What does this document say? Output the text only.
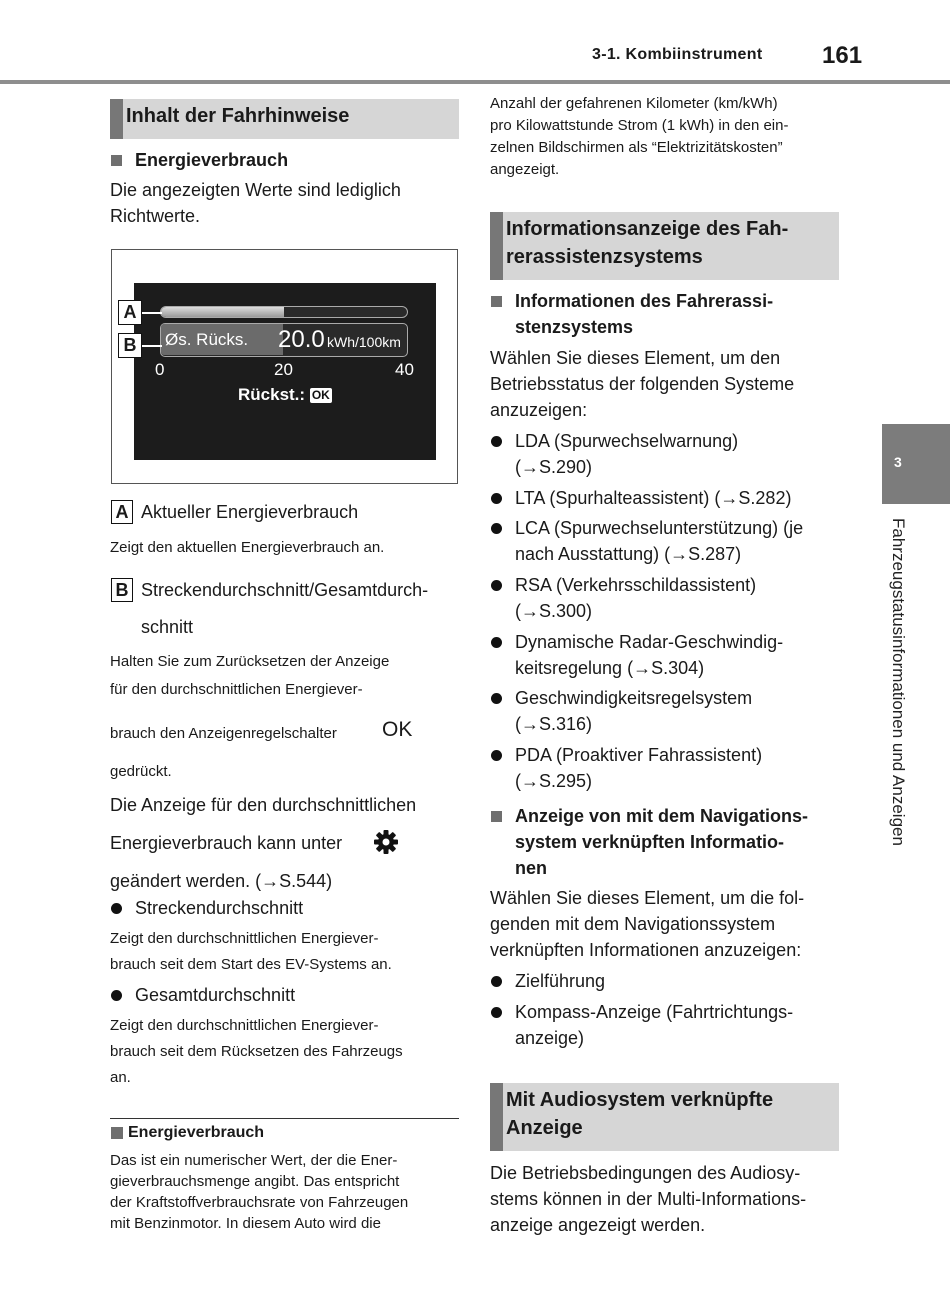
3-1. Kombiinstrument 161
3
Fahrzeugstatusinformationen und Anzeigen
Inhalt der Fahrhinweise
Energieverbrauch
Die angezeigten Werte sind lediglich
Richtwerte.
Øs. Rücks.	20.0 kWh/100km
0	20	40
Rückst.: OK
A
B
A Aktueller Energieverbrauch
Zeigt den aktuellen Energieverbrauch an.
B Streckendurchschnitt/Gesamtdurch-
schnitt
Halten Sie zum Zurücksetzen der Anzeige
für den durchschnittlichen Energiever-
brauch den Anzeigenregelschalter OK
gedrückt.
Die Anzeige für den durchschnittlichen
Energieverbrauch kann unter
geändert werden. (→S.544)
Streckendurchschnitt
Zeigt den durchschnittlichen Energiever-
brauch seit dem Start des EV-Systems an.
Gesamtdurchschnitt
Zeigt den durchschnittlichen Energiever-
brauch seit dem Rücksetzen des Fahrzeugs
an.
Energieverbrauch
Das ist ein numerischer Wert, der die Ener-
gieverbrauchsmenge angibt. Das entspricht
der Kraftstoffverbrauchsrate von Fahrzeugen
mit Benzinmotor. In diesem Auto wird die
Anzahl der gefahrenen Kilometer (km/kWh)
pro Kilowattstunde Strom (1 kWh) in den ein-
zelnen Bildschirmen als “Elektrizitätskosten”
angezeigt.
Informationsanzeige des Fah-
rerassistenzsystems
Informationen des Fahrerassi-
stenzsystems
Wählen Sie dieses Element, um den
Betriebsstatus der folgenden Systeme
anzuzeigen:
LDA (Spurwechselwarnung)
(→S.290)
LTA (Spurhalteassistent) (→S.282)
LCA (Spurwechselunterstützung) (je
nach Ausstattung) (→S.287)
RSA (Verkehrsschildassistent)
(→S.300)
Dynamische Radar-Geschwindig-
keitsregelung (→S.304)
Geschwindigkeitsregelsystem
(→S.316)
PDA (Proaktiver Fahrassistent)
(→S.295)
Anzeige von mit dem Navigations-
system verknüpften Informatio-
nen
Wählen Sie dieses Element, um die fol-
genden mit dem Navigationssystem
verknüpften Informationen anzuzeigen:
Zielführung
Kompass-Anzeige (Fahrtrichtungs-
anzeige)
Mit Audiosystem verknüpfte
Anzeige
Die Betriebsbedingungen des Audiosy-
stems können in der Multi-Informations-
anzeige angezeigt werden.
